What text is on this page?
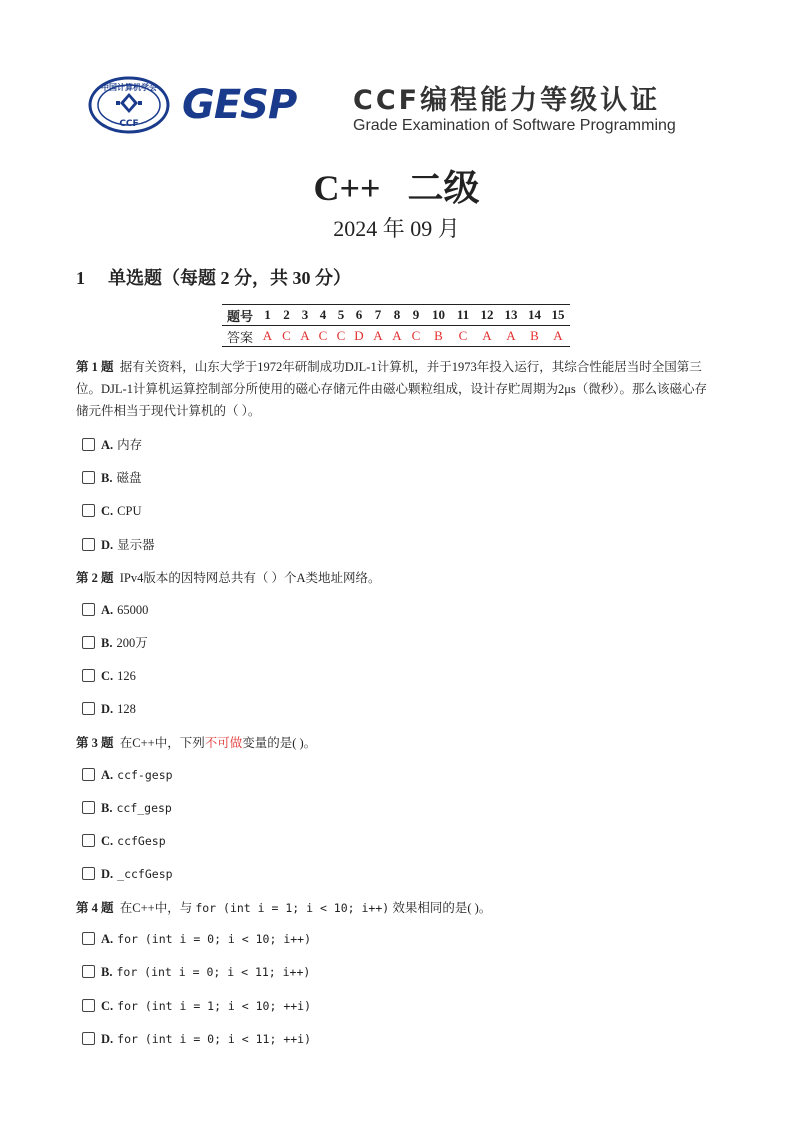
中国计算机学会
CCF GESP CCF编程能力等级认证
Grade Examination of Software Programming
C++   二级
2024 年 09 月
1 单选题（每题 2 分，共 30 分）
题号	1	2	3	4	5	6	7	8	9	10	11	12	13	14	15
答案	A	C	A	C	C	D	A	A	C	B	C	A	A	B	A
第 1 题 据有关资料，山东大学于1972年研制成功DJL-1计算机，并于1973年投入运行，其综合性能居当时全国第三位。DJL-1计算机运算控制部分所使用的磁心存储元件由磁心颗粒组成，设计存贮周期为2μs（微秒）。那么该磁心存储元件相当于现代计算机的（ ）。
A. 内存
B. 磁盘
C. CPU
D. 显示器
第 2 题 IPv4版本的因特网总共有（ ）个A类地址网络。
A. 65000
B. 200万
C. 126
D. 128
第 3 题 在C++中，下列不可做变量的是( )。
A. ccf-gesp
B. ccf_gesp
C. ccfGesp
D. _ccfGesp
第 4 题 在C++中，与 for (int i = 1; i < 10; i++) 效果相同的是( )。
A. for (int i = 0; i < 10; i++)
B. for (int i = 0; i < 11; i++)
C. for (int i = 1; i < 10; ++i)
D. for (int i = 0; i < 11; ++i)
